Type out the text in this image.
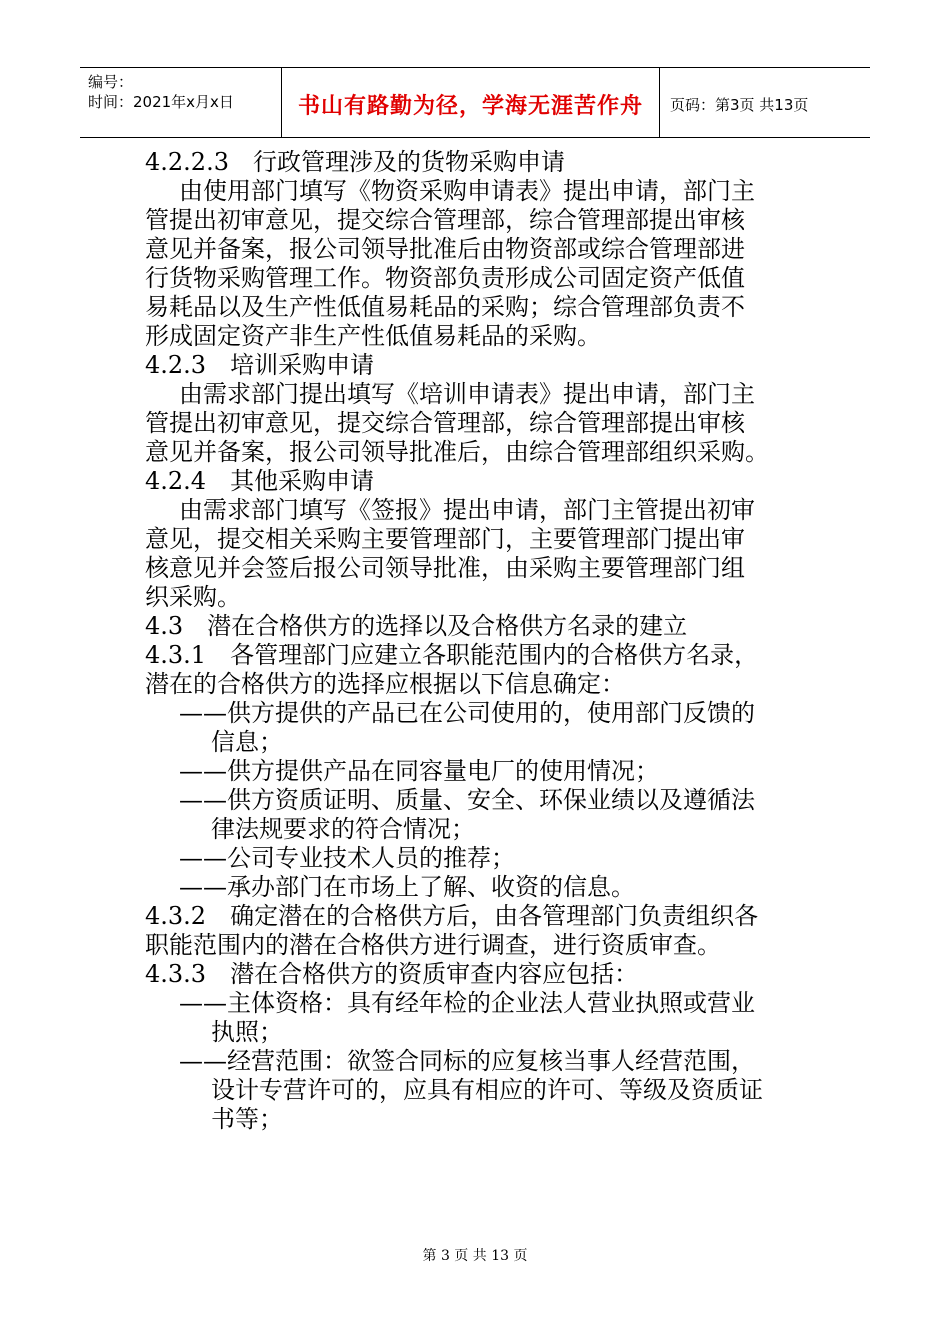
编号：
时间：2021年x月x日	书山有路勤为径，学海无涯苦作舟	页码：第3页 共13页
4.2.2.3　行政管理涉及的货物采购申请
由使用部门填写《物资采购申请表》提出申请，部门主
管提出初审意见，提交综合管理部，综合管理部提出审核
意见并备案，报公司领导批准后由物资部或综合管理部进
行货物采购管理工作。物资部负责形成公司固定资产低值
易耗品以及生产性低值易耗品的采购；综合管理部负责不
形成固定资产非生产性低值易耗品的采购。
4.2.3　培训采购申请
由需求部门提出填写《培训申请表》提出申请，部门主
管提出初审意见，提交综合管理部，综合管理部提出审核
意见并备案，报公司领导批准后，由综合管理部组织采购。
4.2.4　其他采购申请
由需求部门填写《签报》提出申请，部门主管提出初审
意见，提交相关采购主要管理部门，主要管理部门提出审
核意见并会签后报公司领导批准，由采购主要管理部门组
织采购。
4.3　潜在合格供方的选择以及合格供方名录的建立
4.3.1　各管理部门应建立各职能范围内的合格供方名录，
潜在的合格供方的选择应根据以下信息确定：
——供方提供的产品已在公司使用的，使用部门反馈的
信息；
——供方提供产品在同容量电厂的使用情况；
——供方资质证明、质量、安全、环保业绩以及遵循法
律法规要求的符合情况；
——公司专业技术人员的推荐；
——承办部门在市场上了解、收资的信息。
4.3.2　确定潜在的合格供方后，由各管理部门负责组织各
职能范围内的潜在合格供方进行调查，进行资质审查。
4.3.3　潜在合格供方的资质审查内容应包括：
——主体资格：具有经年检的企业法人营业执照或营业
执照；
——经营范围：欲签合同标的应复核当事人经营范围，
设计专营许可的，应具有相应的许可、等级及资质证
书等；
第 3 页 共 13 页
